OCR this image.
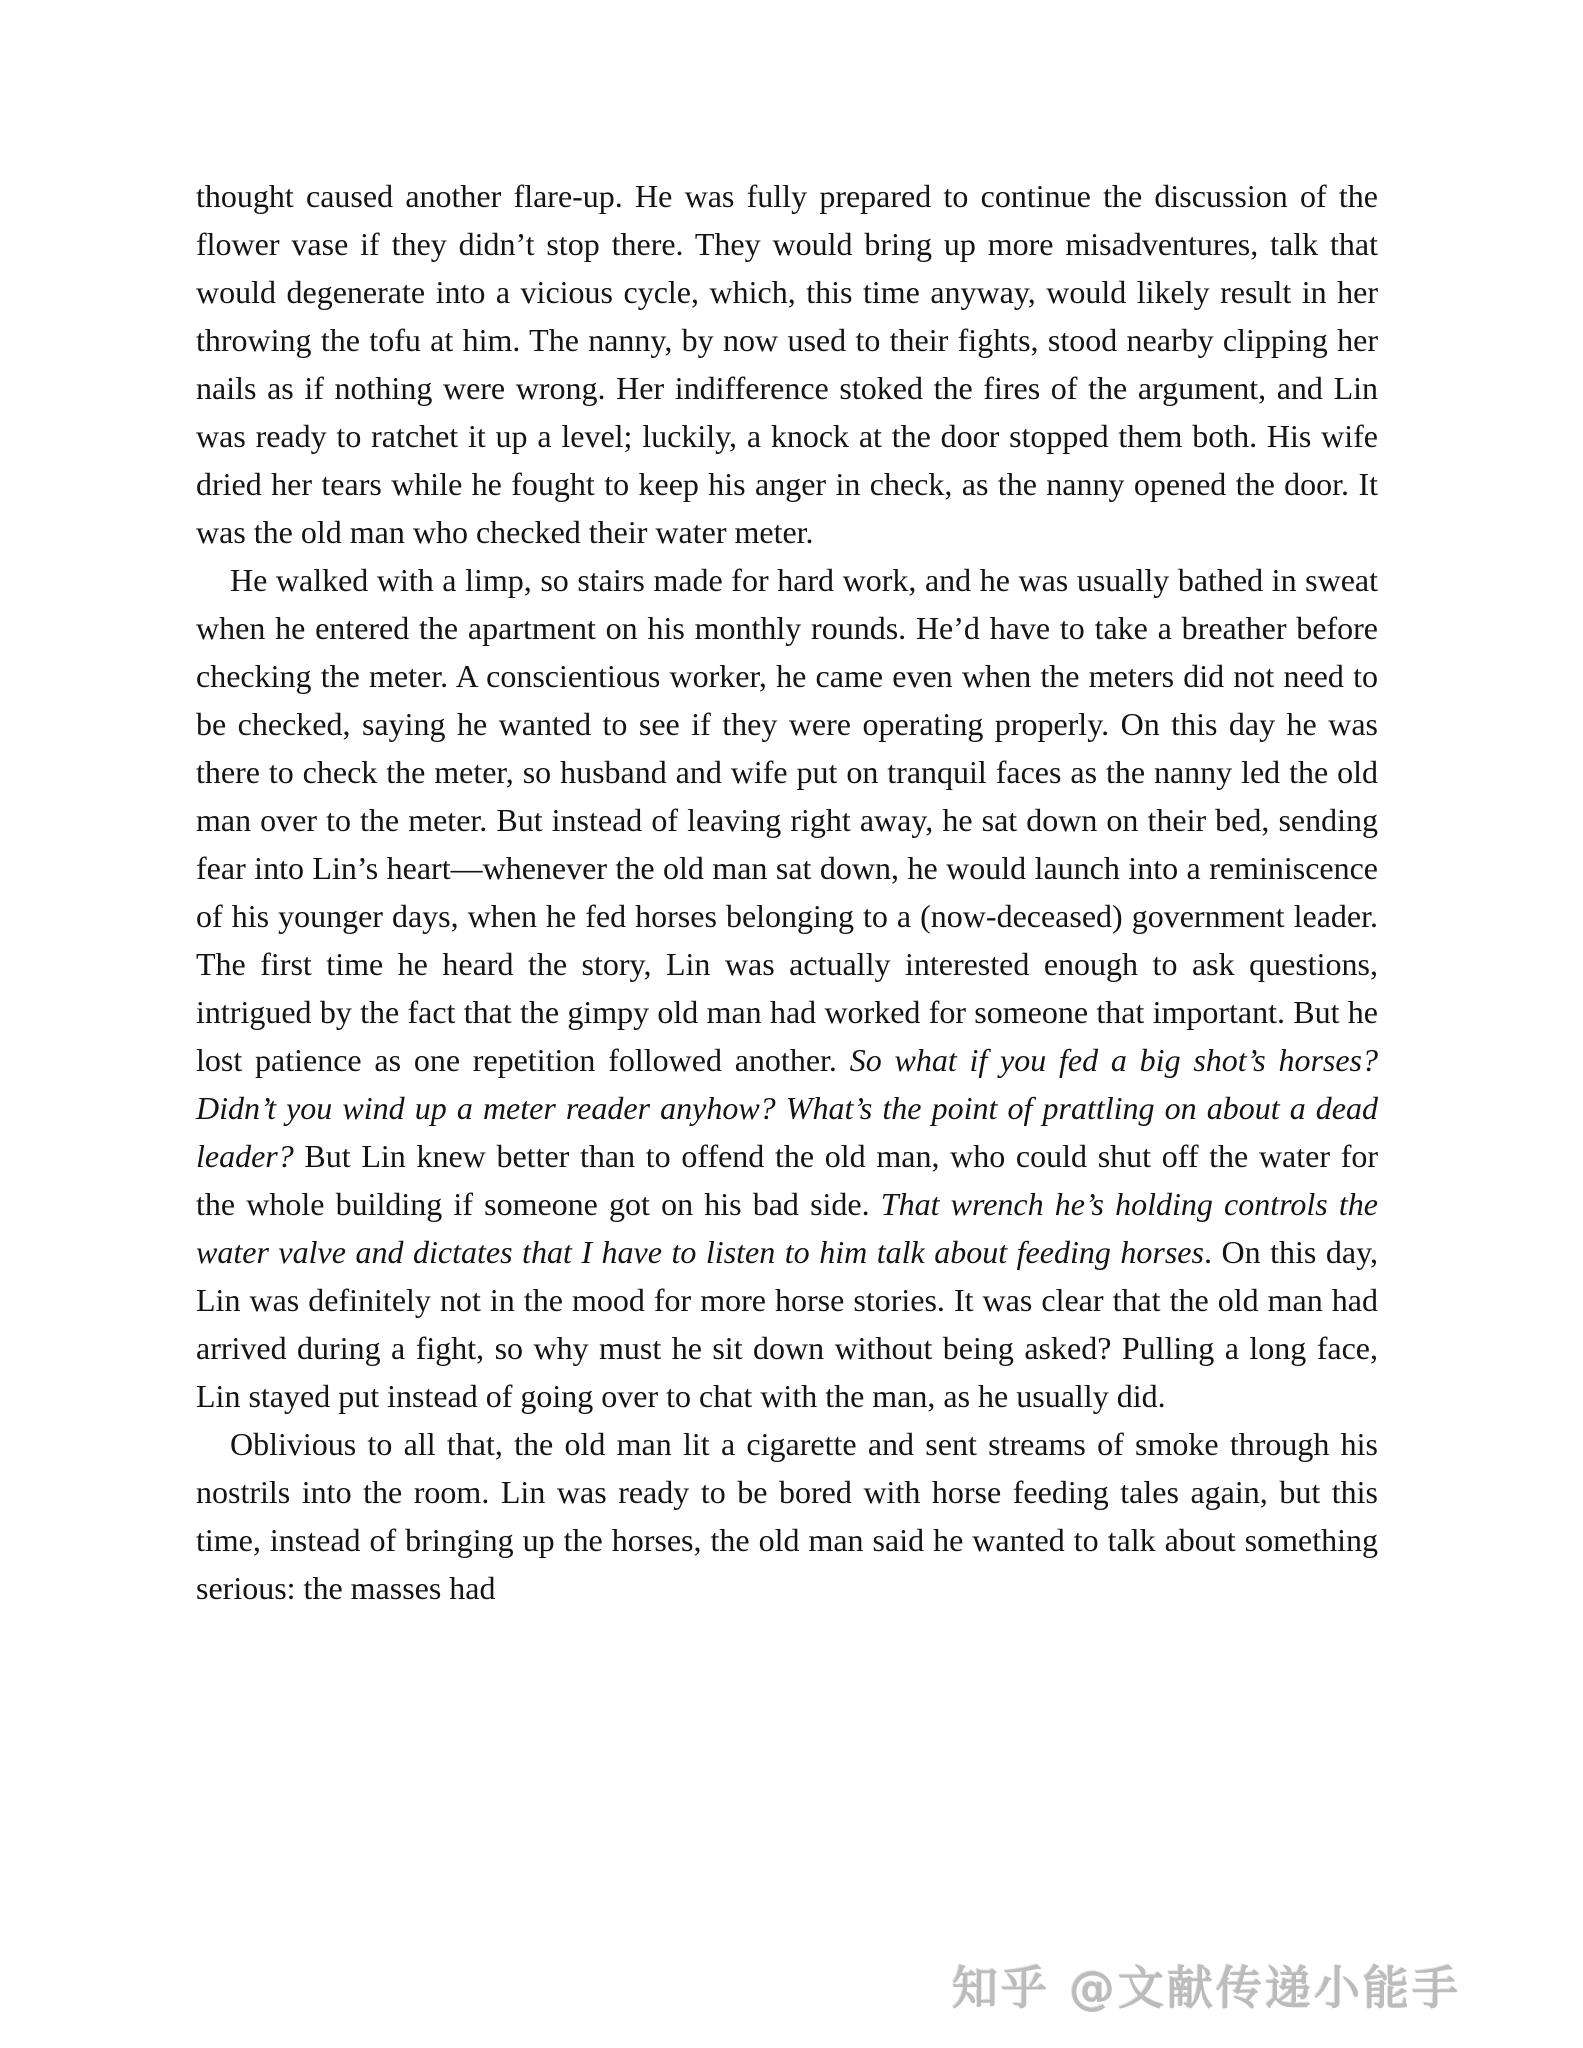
thought caused another flare-up. He was fully prepared to continue the discussion of the flower vase if they didn’t stop there. They would bring up more misadventures, talk that would degenerate into a vicious cycle, which, this time anyway, would likely result in her throwing the tofu at him. The nanny, by now used to their fights, stood nearby clipping her nails as if nothing were wrong. Her indifference stoked the fires of the argument, and Lin was ready to ratchet it up a level; luckily, a knock at the door stopped them both. His wife dried her tears while he fought to keep his anger in check, as the nanny opened the door. It was the old man who checked their water meter.

He walked with a limp, so stairs made for hard work, and he was usually bathed in sweat when he entered the apartment on his monthly rounds. He’d have to take a breather before checking the meter. A conscientious worker, he came even when the meters did not need to be checked, saying he wanted to see if they were operating properly. On this day he was there to check the meter, so husband and wife put on tranquil faces as the nanny led the old man over to the meter. But instead of leaving right away, he sat down on their bed, sending fear into Lin’s heart—whenever the old man sat down, he would launch into a reminiscence of his younger days, when he fed horses belonging to a (now-deceased) government leader. The first time he heard the story, Lin was actually interested enough to ask questions, intrigued by the fact that the gimpy old man had worked for someone that important. But he lost patience as one repetition followed another. So what if you fed a big shot’s horses? Didn’t you wind up a meter reader anyhow? What’s the point of prattling on about a dead leader? But Lin knew better than to offend the old man, who could shut off the water for the whole building if someone got on his bad side. That wrench he’s holding controls the water valve and dictates that I have to listen to him talk about feeding horses. On this day, Lin was definitely not in the mood for more horse stories. It was clear that the old man had arrived during a fight, so why must he sit down without being asked? Pulling a long face, Lin stayed put instead of going over to chat with the man, as he usually did.

Oblivious to all that, the old man lit a cigarette and sent streams of smoke through his nostrils into the room. Lin was ready to be bored with horse feeding tales again, but this time, instead of bringing up the horses, the old man said he wanted to talk about something serious: the masses had

知乎 @文献传递小能手
